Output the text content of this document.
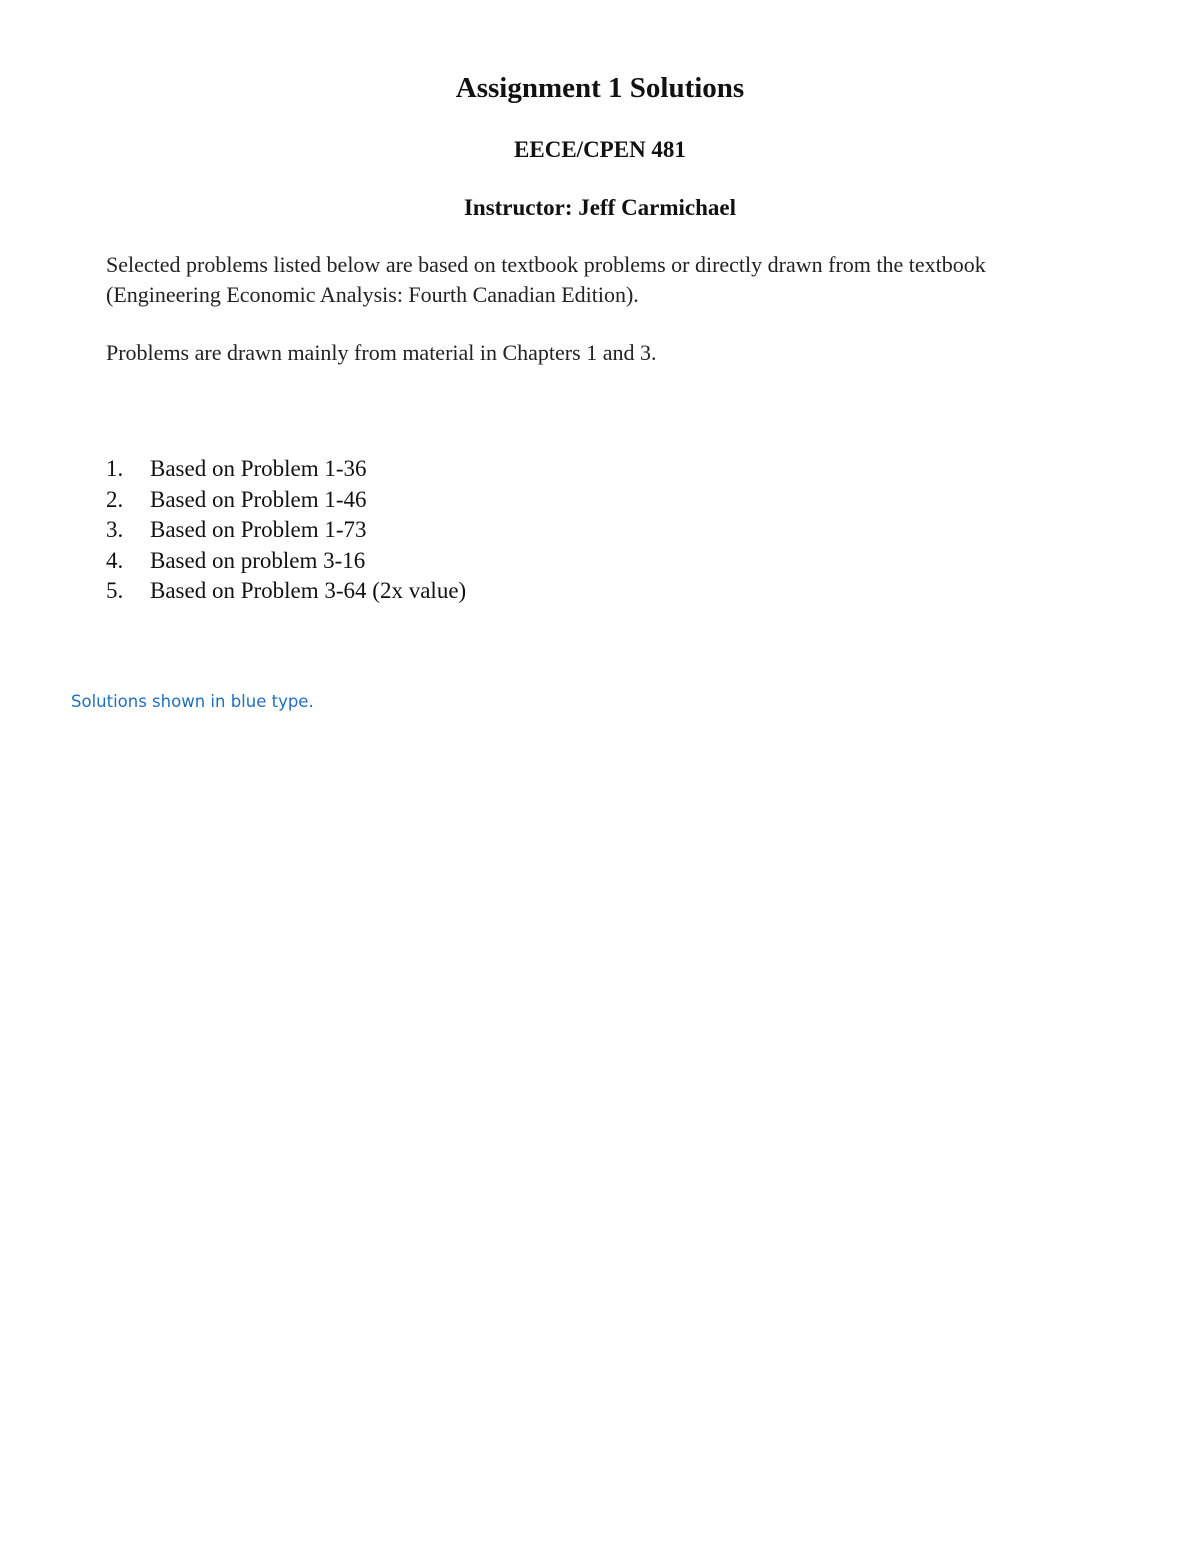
Assignment 1 Solutions
EECE/CPEN 481
Instructor: Jeff Carmichael

Selected problems listed below are based on textbook problems or directly drawn from the textbook (Engineering Economic Analysis: Fourth Canadian Edition).

Problems are drawn mainly from material in Chapters 1 and 3.

1.	Based on Problem 1-36
2.	Based on Problem 1-46
3.	Based on Problem 1-73
4.	Based on problem 3-16
5.	Based on Problem 3-64 (2x value)

Solutions shown in blue type.
